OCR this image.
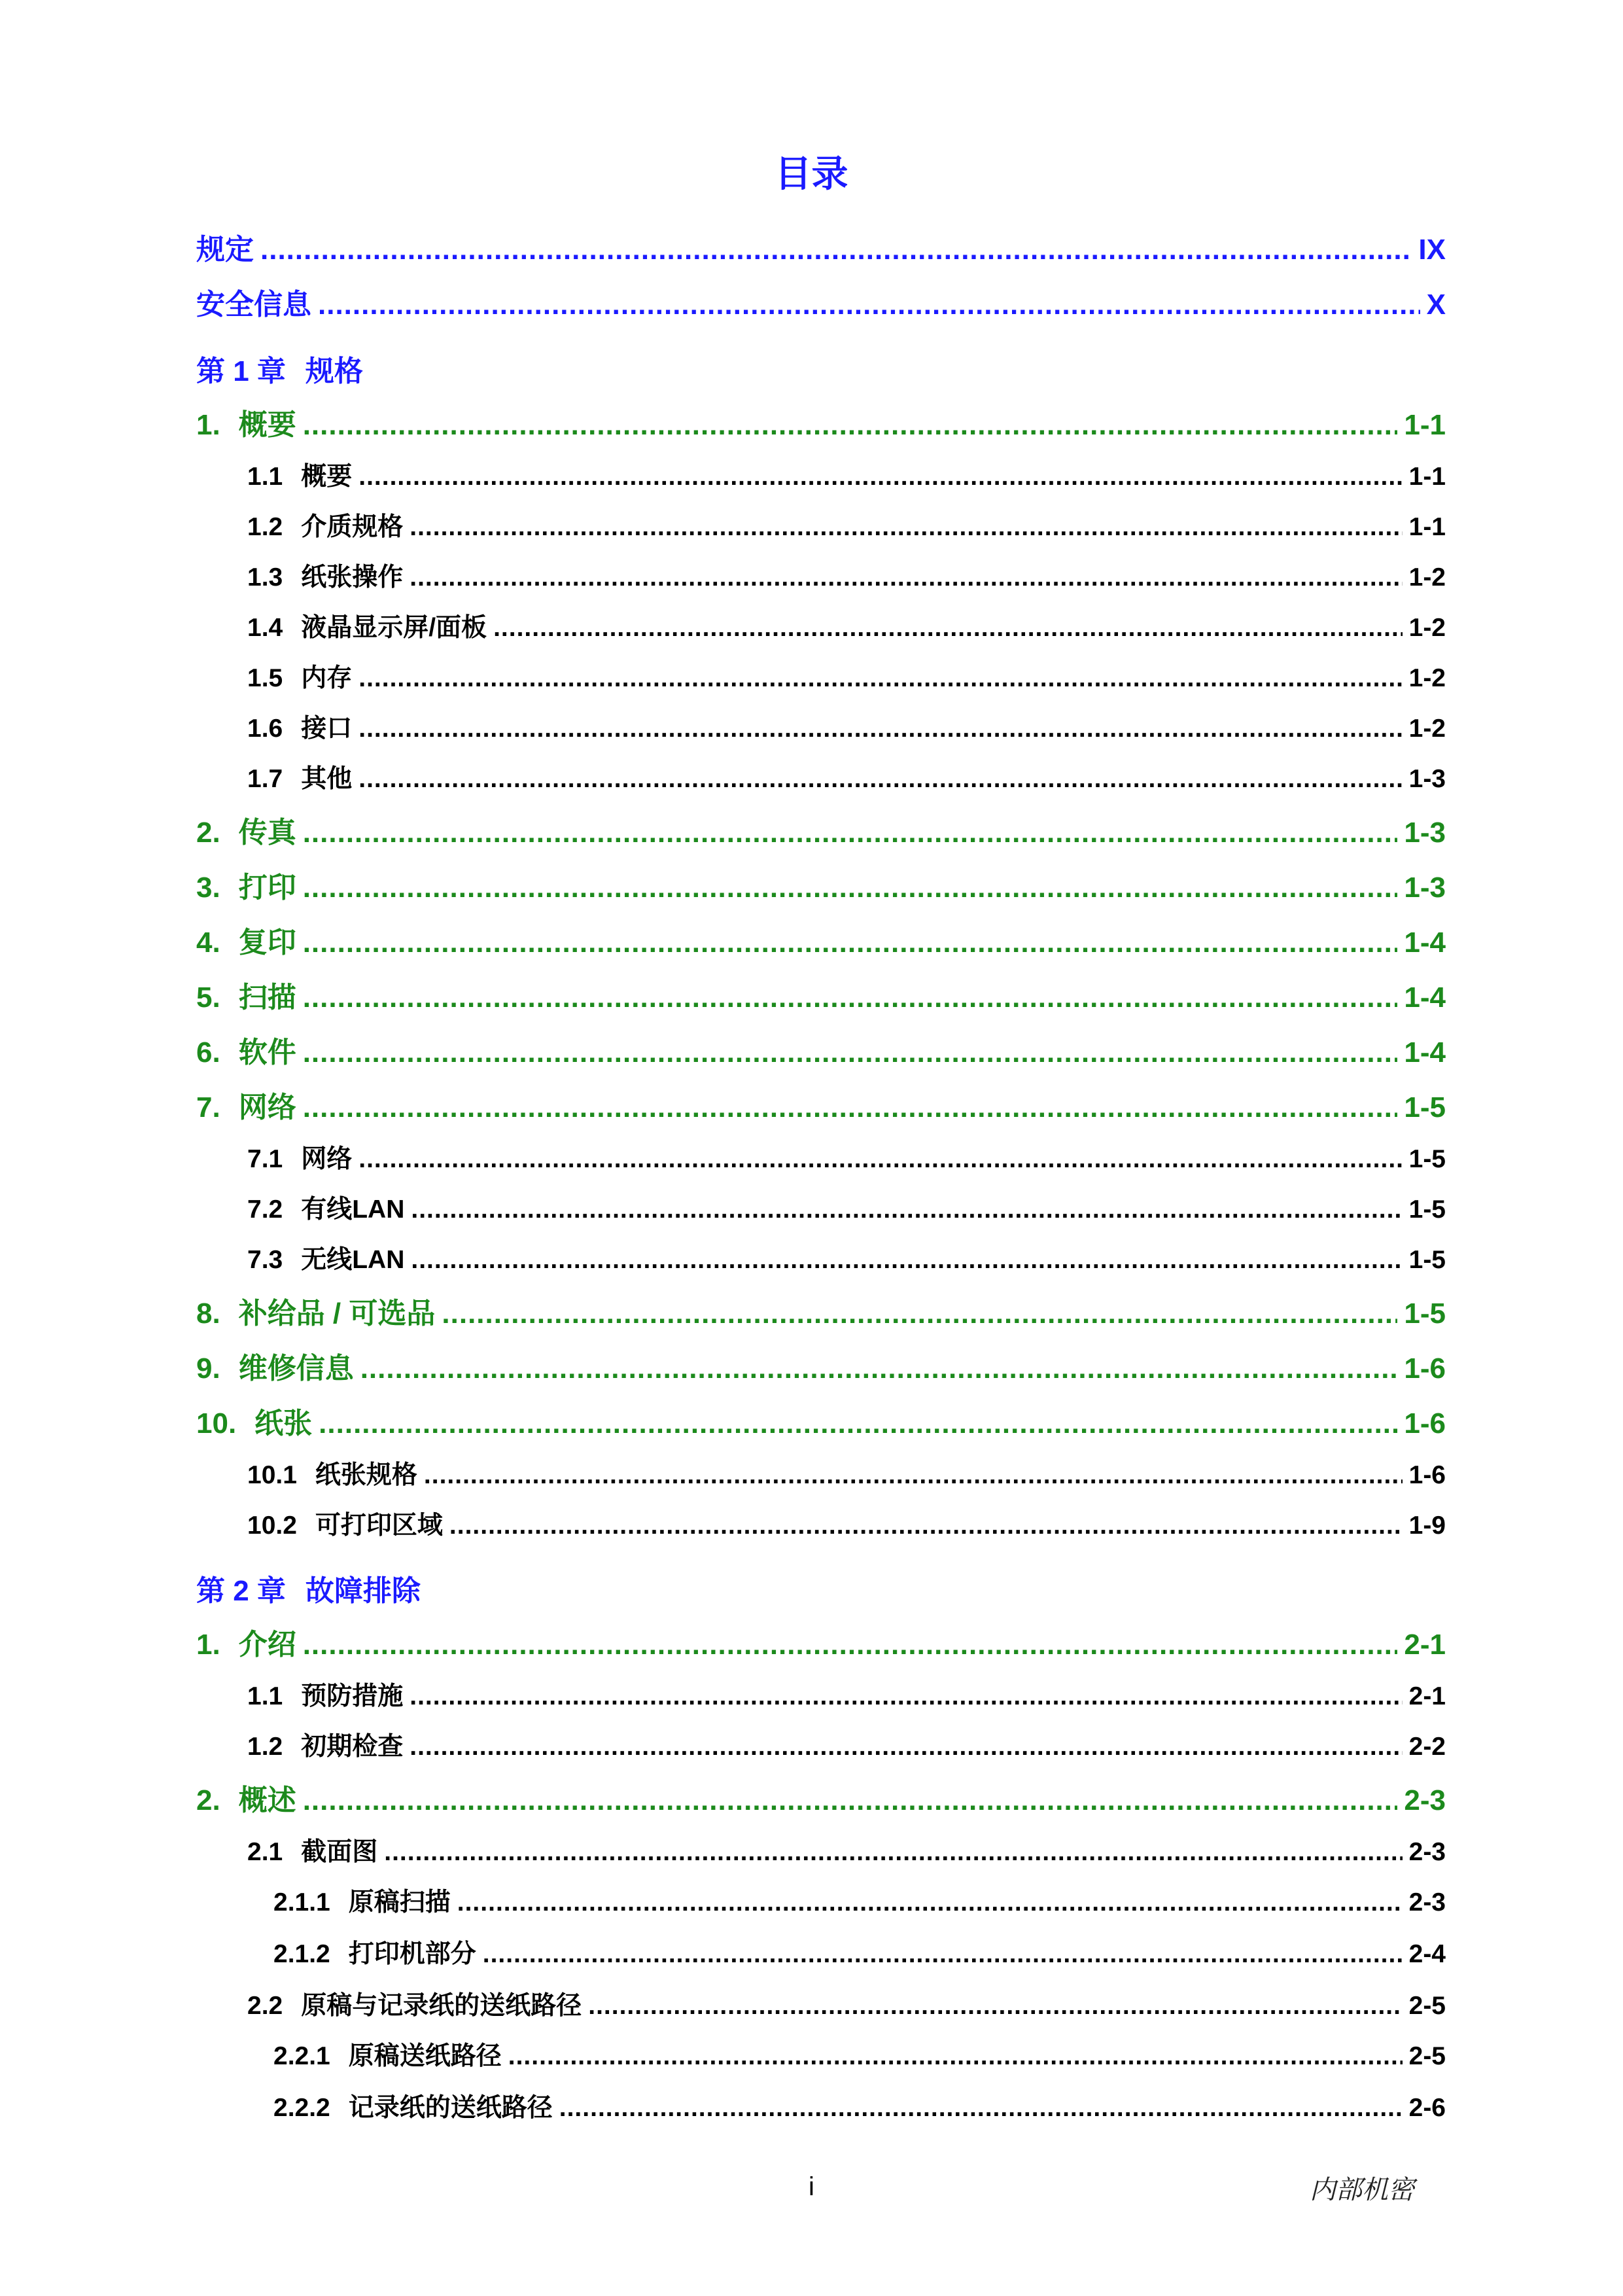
目录
规定 .....	IX
安全信息 .....	X
第 1 章 规格
1. 概要 .....	1-1
1.1 概要 .....	1-1
1.2 介质规格 .....	1-1
1.3 纸张操作 .....	1-2
1.4 液晶显示屏/面板 .....	1-2
1.5 内存 .....	1-2
1.6 接口 .....	1-2
1.7 其他 .....	1-3
2. 传真 .....	1-3
3. 打印 .....	1-3
4. 复印 .....	1-4
5. 扫描 .....	1-4
6. 软件 .....	1-4
7. 网络 .....	1-5
7.1 网络 .....	1-5
7.2 有线LAN .....	1-5
7.3 无线LAN .....	1-5
8. 补给品 / 可选品 .....	1-5
9. 维修信息 .....	1-6
10. 纸张 .....	1-6
10.1 纸张规格 .....	1-6
10.2 可打印区域 .....	1-9
第 2 章 故障排除
1. 介绍 .....	2-1
1.1 预防措施 .....	2-1
1.2 初期检查 .....	2-2
2. 概述 .....	2-3
2.1 截面图 .....	2-3
2.1.1 原稿扫描 .....	2-3
2.1.2 打印机部分 .....	2-4
2.2 原稿与记录纸的送纸路径 .....	2-5
2.2.1 原稿送纸路径 .....	2-5
2.2.2 记录纸的送纸路径 .....	2-6
i	内部机密
